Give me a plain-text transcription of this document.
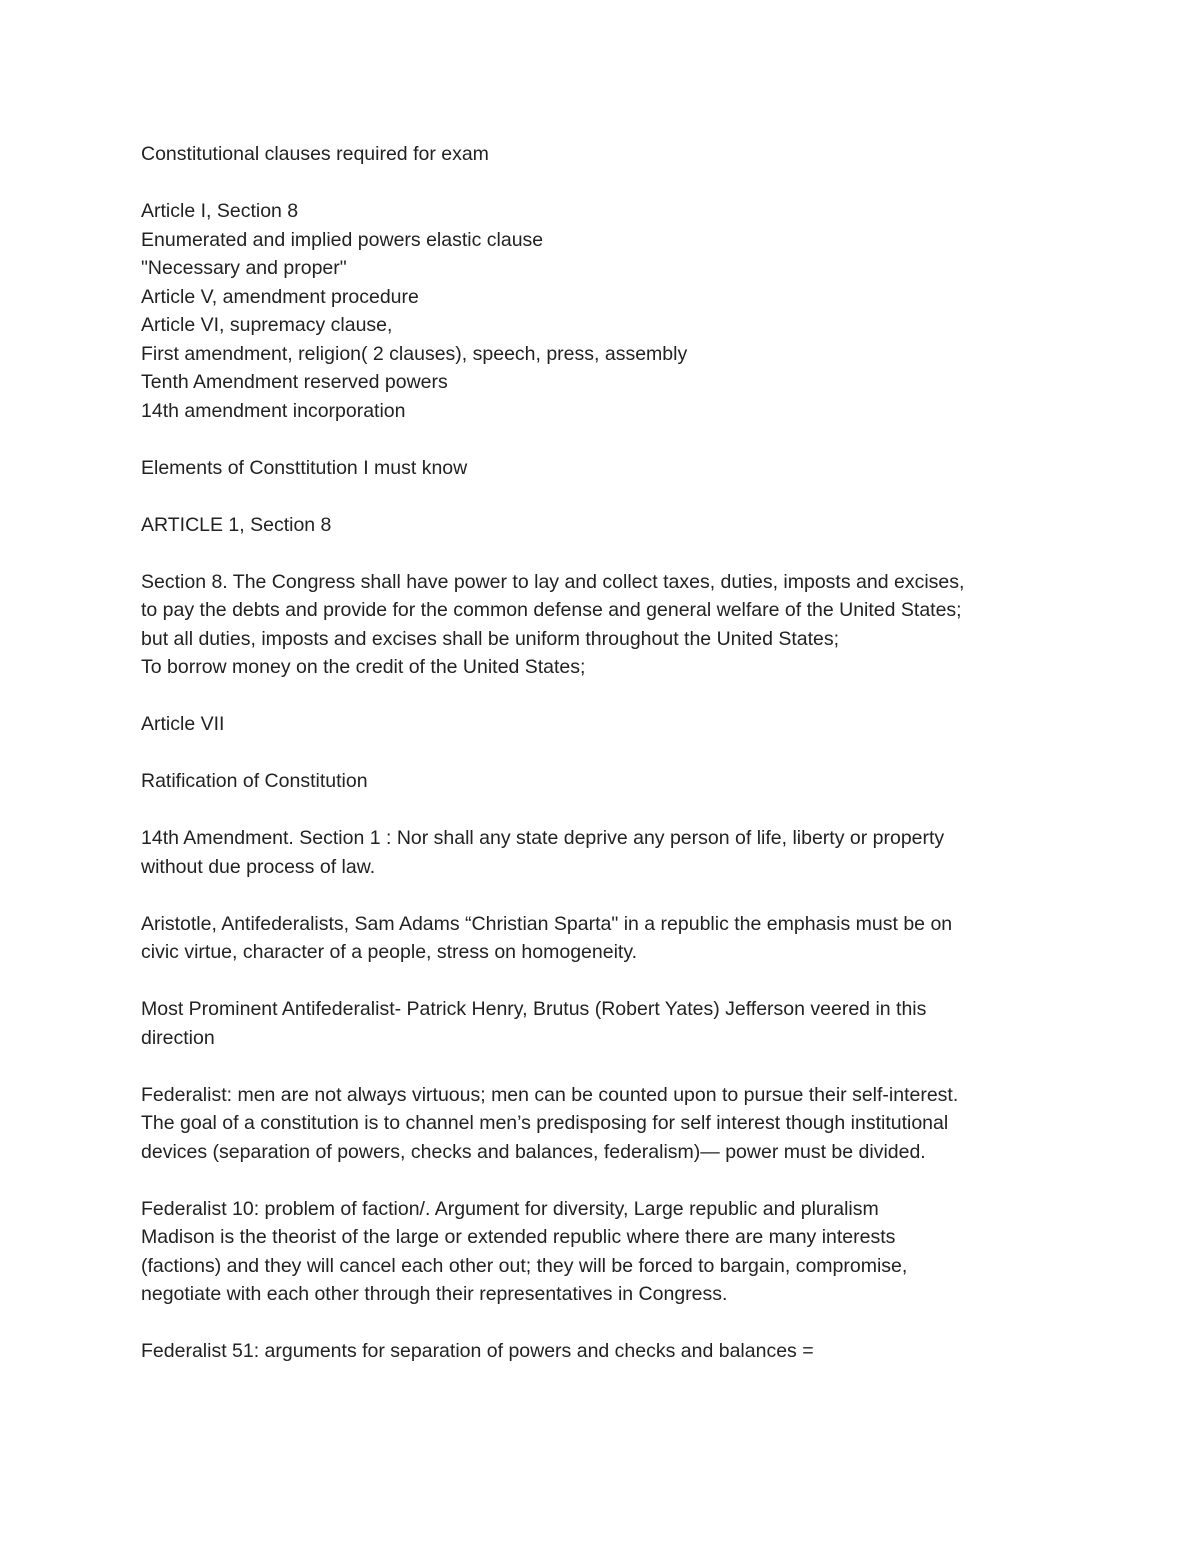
Constitutional clauses required for exam
Article I, Section 8
Enumerated and implied powers elastic clause
"Necessary and proper"
Article V, amendment procedure
Article VI, supremacy clause,
First amendment, religion( 2 clauses), speech, press, assembly
Tenth Amendment reserved powers
14th amendment incorporation
Elements of Consttitution I must know
ARTICLE 1, Section 8
Section 8. The Congress shall have power to lay and collect taxes, duties, imposts and excises,
to pay the debts and provide for the common defense and general welfare of the United States;
but all duties, imposts and excises shall be uniform throughout the United States;
To borrow money on the credit of the United States;
Article VII
Ratification of Constitution
14th Amendment. Section 1 : Nor shall any state deprive any person of life, liberty or property
without due process of law.
Aristotle, Antifederalists, Sam Adams “Christian Sparta" in a republic the emphasis must be on
civic virtue, character of a people, stress on homogeneity.
Most Prominent Antifederalist- Patrick Henry, Brutus (Robert Yates) Jefferson veered in this
direction
Federalist: men are not always virtuous; men can be counted upon to pursue their self-interest.
The goal of a constitution is to channel men’s predisposing for self interest though institutional
devices (separation of powers, checks and balances, federalism)— power must be divided.
Federalist 10: problem of faction/. Argument for diversity, Large republic and pluralism
Madison is the theorist of the large or extended republic where there are many interests
(factions) and they will cancel each other out; they will be forced to bargain, compromise,
negotiate with each other through their representatives in Congress.
Federalist 51: arguments for separation of powers and checks and balances =
